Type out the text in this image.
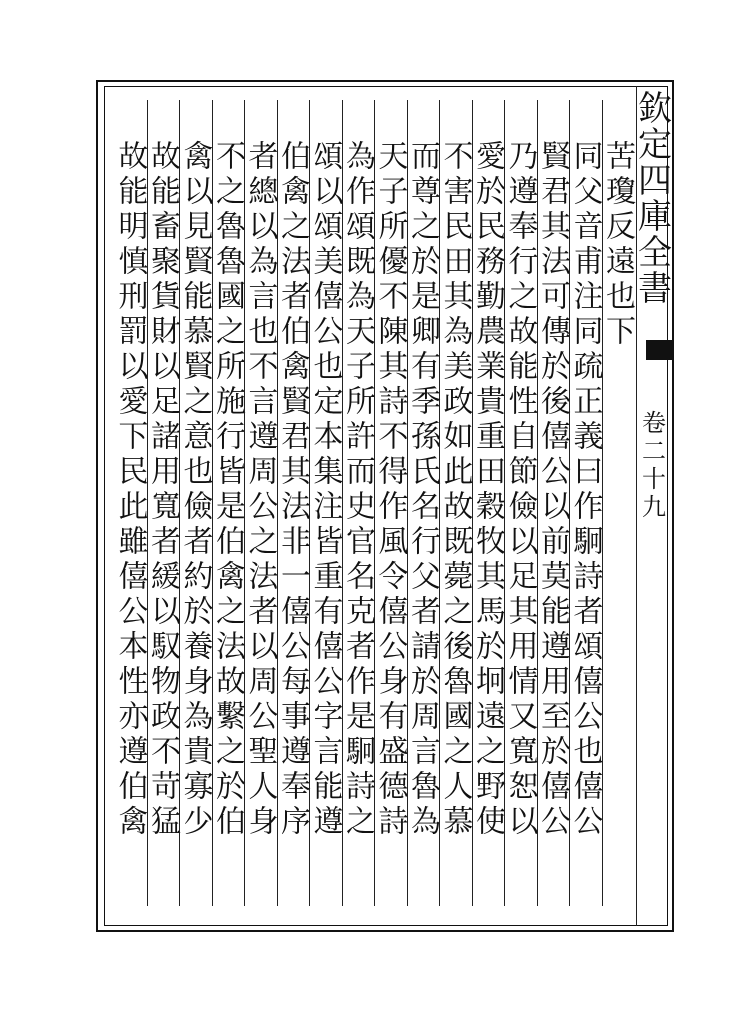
欽定四庫全書
卷二十九
苦瓊反遠也下
同父音甫注同疏正義曰作駉詩者頌僖公也僖公
賢君其法可傳於後僖公以前莫能遵用至於僖公
乃遵奉行之故能性自節儉以足其用情又寬恕以
愛於民務勤農業貴重田穀牧其馬於坰遠之野使
不害民田其為美政如此故既薨之後魯國之人慕
而尊之於是卿有季孫氏名行父者請於周言魯為
天子所優不陳其詩不得作風令僖公身有盛德詩
為作頌既為天子所許而史官名克者作是駉詩之
頌以頌美僖公也定本集注皆重有僖公字言能遵
伯禽之法者伯禽賢君其法非一僖公每事遵奉序
者總以為言也不言遵周公之法者以周公聖人身
不之魯魯國之所施行皆是伯禽之法故繫之於伯
禽以見賢能慕賢之意也儉者約於養身為貴寡少
故能畜聚貨財以足諸用寬者緩以馭物政不苛猛
故能明慎刑罰以愛下民此雖僖公本性亦遵伯禽
